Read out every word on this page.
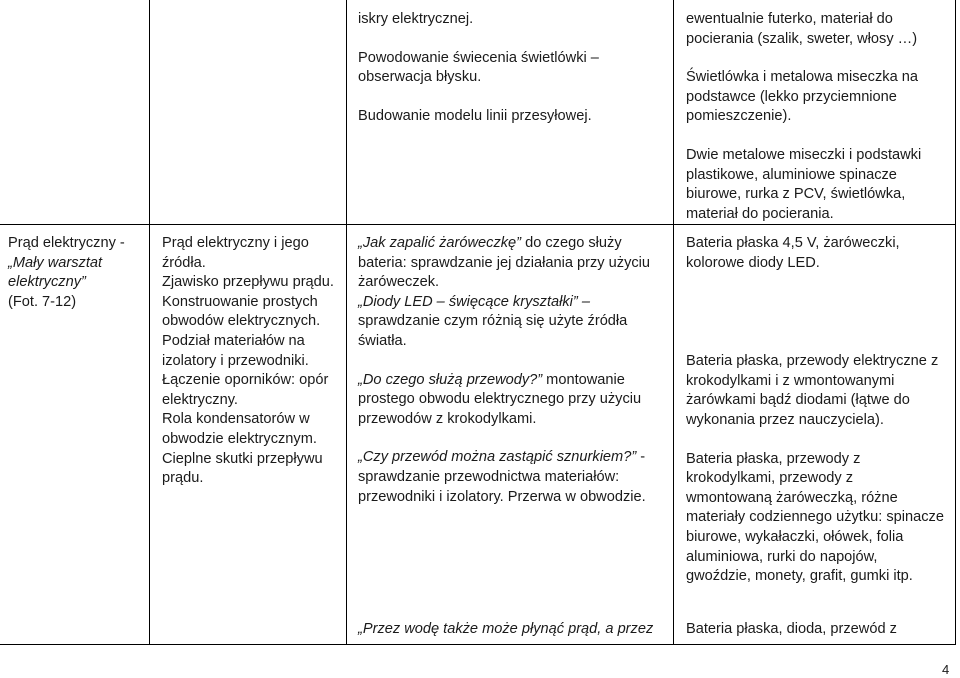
iskry elektrycznej.

Powodowanie świecenia świetlówki –

obserwacja błysku.

Budowanie modelu linii przesyłowej.

ewentualnie futerko, materiał do

pocierania (szalik, sweter, włosy …)

Świetlówka i metalowa miseczka na

podstawce (lekko przyciemnione

pomieszczenie).

Dwie metalowe miseczki i podstawki

plastikowe, aluminiowe spinacze

biurowe, rurka z PCV, świetlówka,

materiał do pocierania.

Prąd elektryczny -

„Mały warsztat

elektryczny”

(Fot. 7-12)

Prąd elektryczny i jego

źródła.

Zjawisko przepływu prądu.

Konstruowanie prostych

obwodów elektrycznych.

Podział materiałów na

izolatory i przewodniki.

Łączenie oporników: opór

elektryczny.

Rola kondensatorów w

obwodzie elektrycznym.

Cieplne skutki przepływu

prądu.

„Jak zapalić żaróweczkę” do czego służy

bateria: sprawdzanie jej działania przy użyciu

żaróweczek.

„Diody LED – święcące kryształki” –

sprawdzanie czym różnią się użyte źródła

światła.

„Do czego służą przewody?” montowanie

prostego obwodu elektrycznego przy użyciu

przewodów z krokodylkami.

„Czy przewód można zastąpić sznurkiem?” -

sprawdzanie przewodnictwa materiałów:

przewodniki i izolatory. Przerwa w obwodzie.

„Przez wodę także może płynąć prąd, a przez

Bateria płaska 4,5 V, żaróweczki,

kolorowe diody LED.

Bateria płaska, przewody elektryczne z

krokodylkami i z wmontowanymi

żarówkami bądź diodami (łątwe do

wykonania przez nauczyciela).

Bateria płaska, przewody z

krokodylkami, przewody z

wmontowaną żaróweczką, różne

materiały codziennego użytku: spinacze

biurowe, wykałaczki, ołówek, folia

aluminiowa, rurki do napojów,

gwoździe, monety, grafit, gumki itp.

Bateria płaska, dioda, przewód z

4
